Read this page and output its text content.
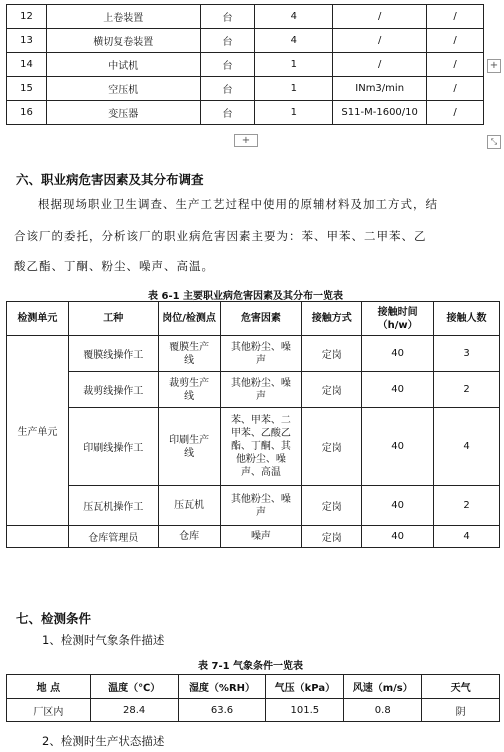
12	上卷装置	台	4	/	/
13	横切复卷装置	台	4	/	/
14	中试机	台	1	/	/
15	空压机	台	1	INm3/min	/
16	变压器	台	1	S11-M-1600/10	/
+
+	⤡
六、职业病危害因素及其分布调查
根据现场职业卫生调查、生产工艺过程中使用的原辅材料及加工方式，结
合该厂的委托，分析该厂的职业病危害因素主要为：苯、甲苯、二甲苯、乙
酸乙酯、丁酮、粉尘、噪声、高温。
表 6-1 主要职业病危害因素及其分布一览表
检测单元	工种	岗位/检测点	危害因素	接触方式	接触时间（h/w）	接触人数
生产单元	覆膜线操作工	覆膜生产线	其他粉尘、噪声	定岗	40	3
	裁剪线操作工	裁剪生产线	其他粉尘、噪声	定岗	40	2
	印刷线操作工	印刷生产线	苯、甲苯、二甲苯、乙酸乙酯、丁酮、其他粉尘、噪声、高温	定岗	40	4
	压瓦机操作工	压瓦机	其他粉尘、噪声	定岗	40	2
	仓库管理员	仓库	噪声	定岗	40	4
七、检测条件
1、检测时气象条件描述
表 7-1 气象条件一览表
地 点	温度（℃）	湿度（%RH）	气压（kPa）	风速（m/s）	天气
厂区内	28.4	63.6	101.5	0.8	阴
2、检测时生产状态描述
